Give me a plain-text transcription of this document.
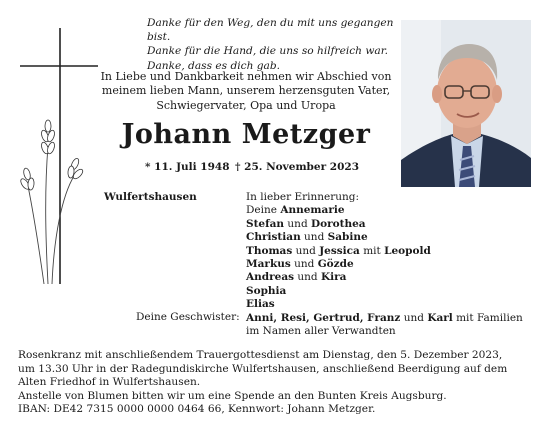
Danke für den Weg, den du mit uns gegangen bist.
Danke für die Hand, die uns so hilfreich war.
Danke, dass es dich gab.
In Liebe und Dankbarkeit nehmen wir Abschied von
meinem lieben Mann, unserem herzensguten Vater,
Schwiegervater, Opa und Uropa
Johann Metzger
* 11. Juli 1948 † 25. November 2023
Wulfertshausen	In lieber Erinnerung:
Deine Annemarie
Stefan und Dorothea
Christian und Sabine
Thomas und Jessica mit Leopold
Markus und Gözde
Andreas und Kira
Sophia
Elias
Anni, Resi, Gertrud, Franz und Karl mit Familien
im Namen aller Verwandten
Deine Geschwister:
Rosenkranz mit anschließendem Trauergottesdienst am Dienstag, den 5. Dezember 2023,
um 13.30 Uhr in der Radegundiskirche Wulfertshausen, anschließend Beerdigung auf dem
Alten Friedhof in Wulfertshausen.
Anstelle von Blumen bitten wir um eine Spende an den Bunten Kreis Augsburg.
IBAN: DE42 7315 0000 0000 0464 66, Kennwort: Johann Metzger.
